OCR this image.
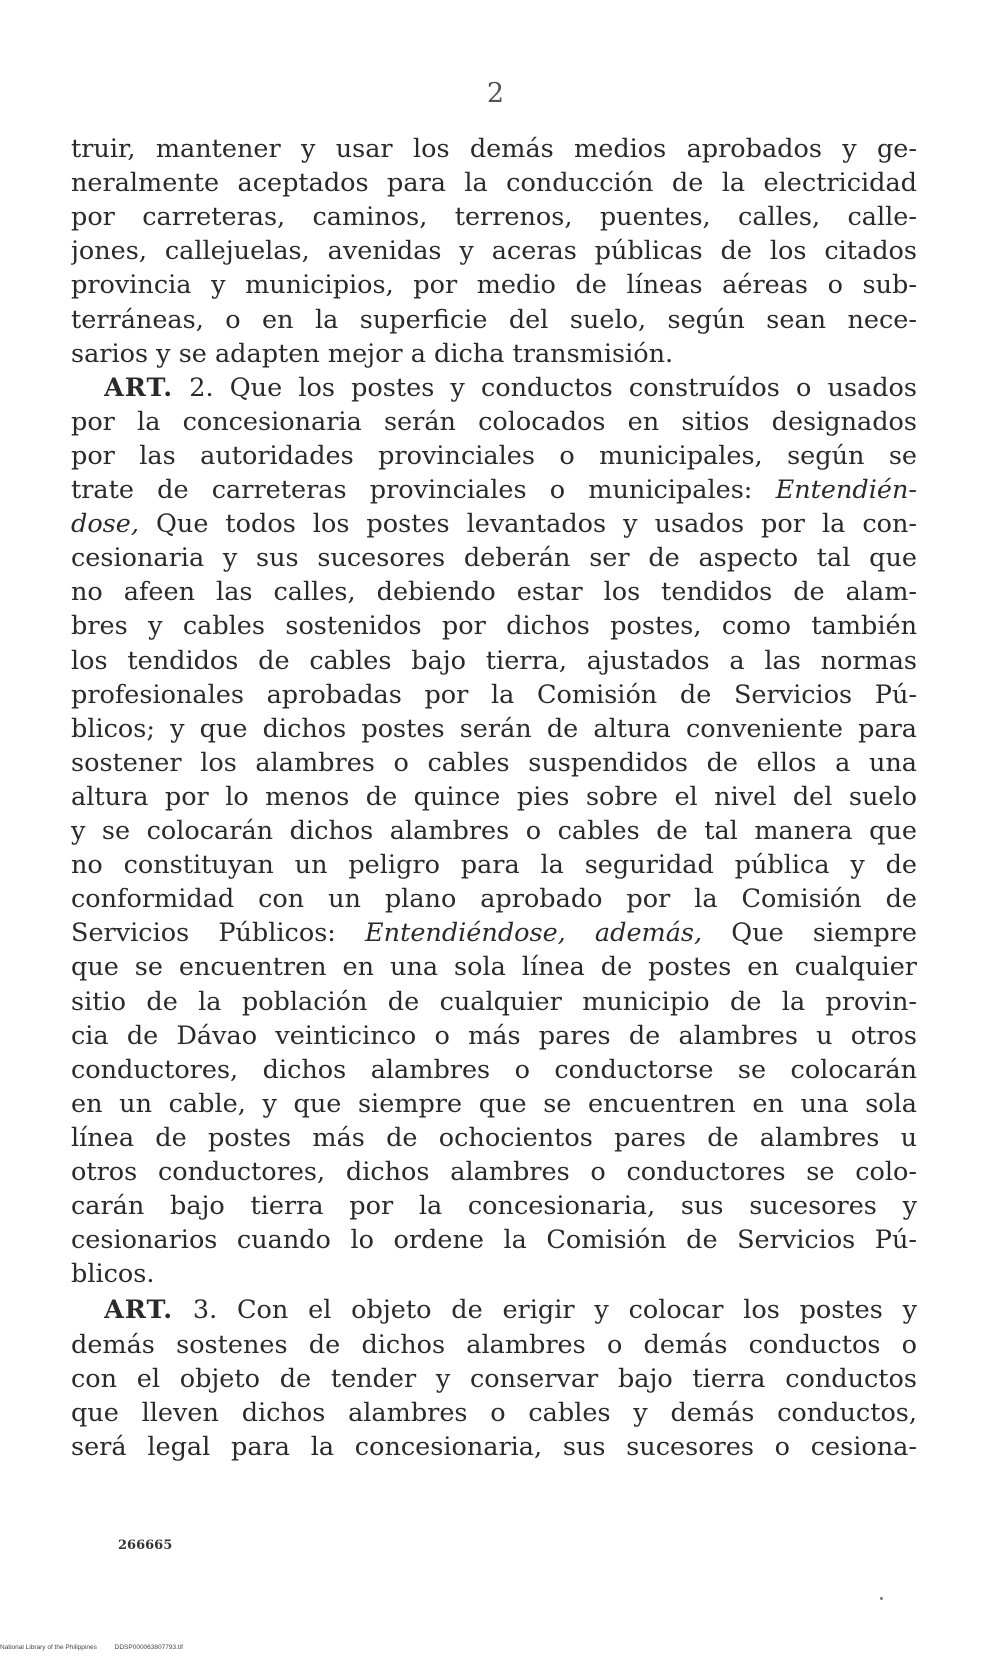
2
truir, mantener y usar los demás medios aprobados y ge-
neralmente aceptados para la conducción de la electricidad
por carreteras, caminos, terrenos, puentes, calles, calle-
jones, callejuelas, avenidas y aceras públicas de los citados
provincia y municipios, por medio de líneas aéreas o sub-
terráneas, o en la superficie del suelo, según sean nece-
sarios y se adapten mejor a dicha transmisión.
ART. 2. Que los postes y conductos construídos o usados
por la concesionaria serán colocados en sitios designados
por las autoridades provinciales o municipales, según se
trate de carreteras provinciales o municipales: Entendién-
dose, Que todos los postes levantados y usados por la con-
cesionaria y sus sucesores deberán ser de aspecto tal que
no afeen las calles, debiendo estar los tendidos de alam-
bres y cables sostenidos por dichos postes, como también
los tendidos de cables bajo tierra, ajustados a las normas
profesionales aprobadas por la Comisión de Servicios Pú-
blicos; y que dichos postes serán de altura conveniente para
sostener los alambres o cables suspendidos de ellos a una
altura por lo menos de quince pies sobre el nivel del suelo
y se colocarán dichos alambres o cables de tal manera que
no constituyan un peligro para la seguridad pública y de
conformidad con un plano aprobado por la Comisión de
Servicios Públicos: Entendiéndose, además, Que siempre
que se encuentren en una sola línea de postes en cualquier
sitio de la población de cualquier municipio de la provin-
cia de Dávao veinticinco o más pares de alambres u otros
conductores, dichos alambres o conductorse se colocarán
en un cable, y que siempre que se encuentren en una sola
línea de postes más de ochocientos pares de alambres u
otros conductores, dichos alambres o conductores se colo-
carán bajo tierra por la concesionaria, sus sucesores y
cesionarios cuando lo ordene la Comisión de Servicios Pú-
blicos.
ART. 3. Con el objeto de erigir y colocar los postes y
demás sostenes de dichos alambres o demás conductos o
con el objeto de tender y conservar bajo tierra conductos
que lleven dichos alambres o cables y demás conductos,
será legal para la concesionaria, sus sucesores o cesiona-
266665
National Library of the Philippines	DDSP000063807793.tif
